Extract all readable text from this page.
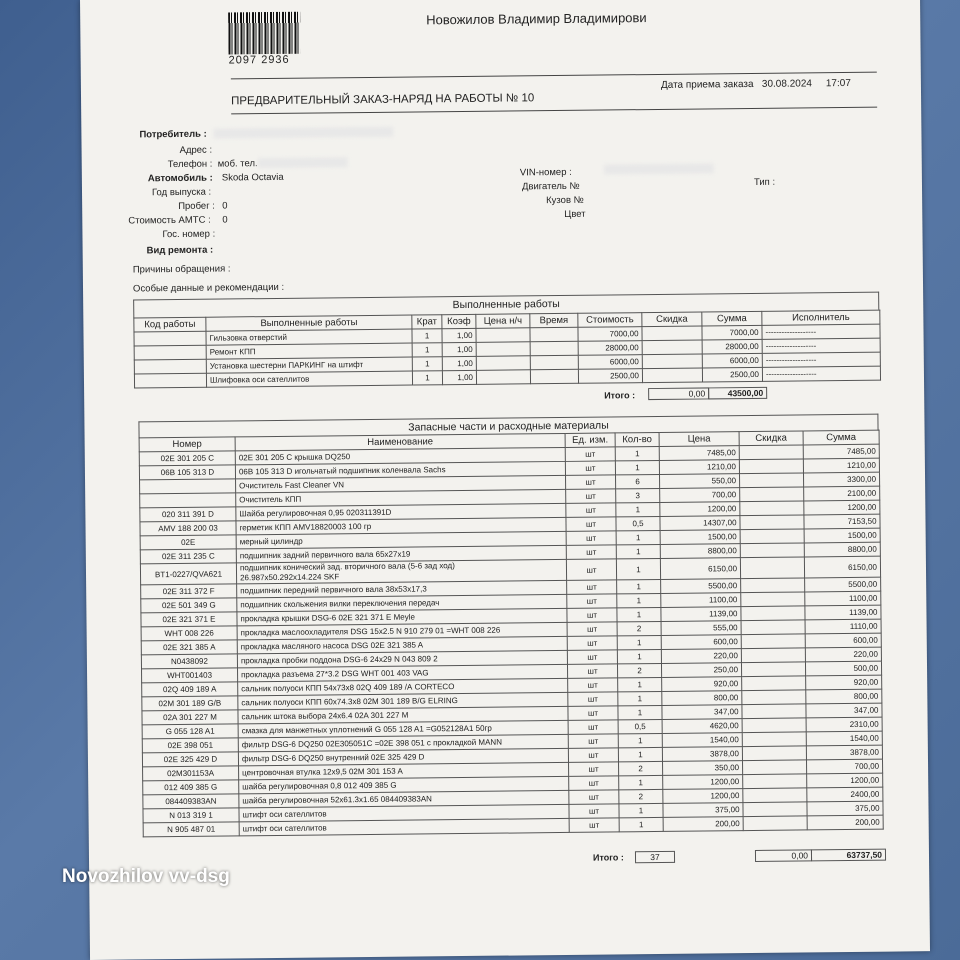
2097 2936
Новожилов Владимир Владимирови
Дата приема заказа 30.08.2024 17:07
ПРЕДВАРИТЕЛЬНЫЙ ЗАКАЗ-НАРЯД НА РАБОТЫ № 10
Потребитель :
Адрес :
Телефон : моб. тел.
Автомобиль : Skoda Octavia
Год выпуска :
Пробег : 0
Стоимость АМТС : 0
Гос. номер :
Вид ремонта :
Причины обращения :
Особые данные и рекомендации :
VIN-номер :
Двигатель №
Кузов №
Цвет
Тип :
Выполненные работы
Код работы	Выполненные работы	Крат	Коэф	Цена н/ч	Время	Стоимость	Скидка	Сумма	Исполнитель
	Гильзовка отверстий	1	1,00			7000,00		7000,00	-------------------
	Ремонт КПП	1	1,00			28000,00		28000,00	-------------------
	Установка шестерни ПАРКИНГ на штифт	1	1,00			6000,00		6000,00	-------------------
	Шлифовка оси сателлитов	1	1,00			2500,00		2500,00	-------------------
Итого :	0,00	43500,00
Запасные части и расходные материалы
Номер	Наименование	Ед. изм.	Кол-во	Цена	Скидка	Сумма
02E 301 205 C	02E 301 205 C крышка DQ250	шт	1	7485,00		7485,00
06B 105 313 D	06B 105 313 D игольчатый подшипник коленвала Sachs	шт	1	1210,00		1210,00
	Очиститель Fast Cleaner VN	шт	6	550,00		3300,00
	Очиститель КПП	шт	3	700,00		2100,00
020 311 391 D	Шайба регулировочная 0,95 020311391D	шт	1	1200,00		1200,00
AMV 188 200 03	герметик КПП AMV18820003 100 гр	шт	0,5	14307,00		7153,50
02E	мерный цилиндр	шт	1	1500,00		1500,00
02E 311 235 C	подшипник задний первичного вала 65х27х19	шт	1	8800,00		8800,00
BT1-0227/QVA621	подшипник конический зад. вторичного вала (5-6 зад ход)
26.987х50.292х14.224 SKF	шт	1	6150,00		6150,00
02E 311 372 F	подшипник передний первичного вала 38х53х17,3	шт	1	5500,00		5500,00
02E 501 349 G	подшипник скольжения вилки переключения передач	шт	1	1100,00		1100,00
02E 321 371 E	прокладка крышки DSG-6 02E 321 371 E Meyle	шт	1	1139,00		1139,00
WHT 008 226	прокладка маслоохладителя DSG 15x2.5 N 910 279 01 =WHT 008 226	шт	2	555,00		1110,00
02E 321 385 A	прокладка масляного насоса DSG 02E 321 385 A	шт	1	600,00		600,00
N0438092	прокладка пробки поддона DSG-6 24x29 N 043 809 2	шт	1	220,00		220,00
WHT001403	прокладка разъема 27*3.2 DSG WHT 001 403 VAG	шт	2	250,00		500,00
02Q 409 189 A	сальник полуоси КПП 54x73x8 02Q 409 189 /А CORTECO	шт	1	920,00		920,00
02M 301 189 G/B	сальник полуоси КПП 60x74.3x8 02M 301 189 B/G ELRING	шт	1	800,00		800,00
02A 301 227 M	сальник штока выбора 24x6.4 02A 301 227 M	шт	1	347,00		347,00
G 055 128 A1	смазка для манжетных уплотнений G 055 128 A1 =G052128A1 50гр	шт	0,5	4620,00		2310,00
02E 398 051	фильтр DSG-6 DQ250 02E305051C =02E 398 051 с прокладкой MANN	шт	1	1540,00		1540,00
02E 325 429 D	фильтр DSG-6 DQ250 внутренний 02E 325 429 D	шт	1	3878,00		3878,00
02M301153A	центровочная втулка 12x9,5 02M 301 153 A	шт	2	350,00		700,00
012 409 385 G	шайба регулировочная 0,8 012 409 385 G	шт	1	1200,00		1200,00
084409383AN	шайба регулировочная 52x61.3x1.65 084409383AN	шт	2	1200,00		2400,00
N 013 319 1	штифт оси сателлитов	шт	1	375,00		375,00
N 905 487 01	штифт оси сателлитов	шт	1	200,00		200,00
Итого :	37	0,00	63737,50
Novozhilov vv-dsg
